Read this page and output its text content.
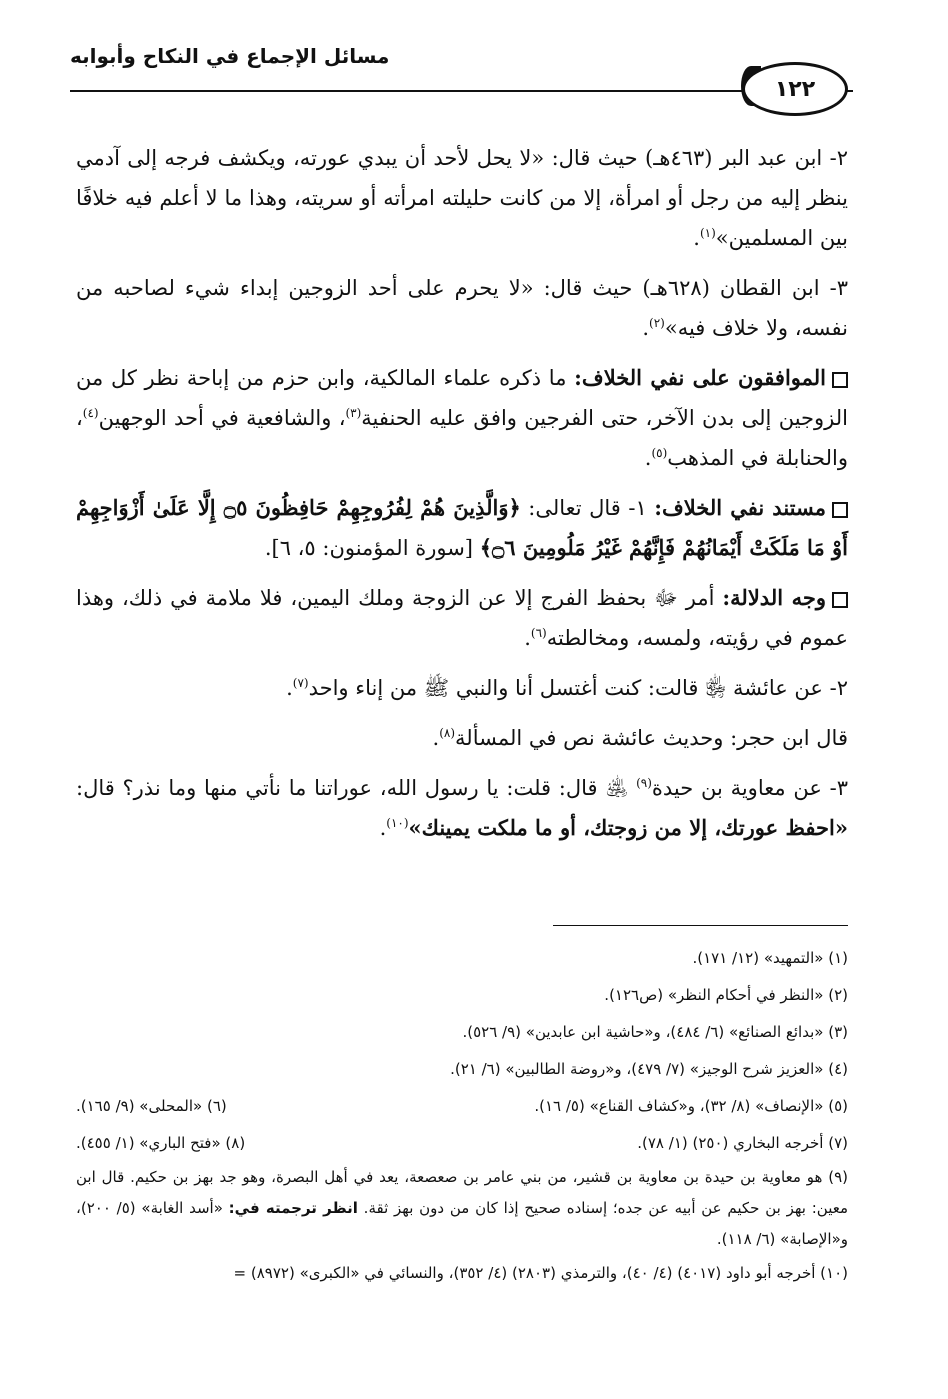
مسائل الإجماع في النكاح وأبوابه
١٢٢

٢- ابن عبد البر (٤٦٣هـ) حيث قال: «لا يحل لأحد أن يبدي عورته، ويكشف فرجه إلى آدمي ينظر إليه من رجل أو امرأة، إلا من كانت حليلته امرأته أو سريته، وهذا ما لا أعلم فيه خلافًا بين المسلمين»$^{(١)}$.

٣- ابن القطان (٦٢٨هـ) حيث قال: «لا يحرم على أحد الزوجين إبداء شيء لصاحبه من نفسه، ولا خلاف فيه»$^{(٢)}$.

الموافقون على نفي الخلاف: ما ذكره علماء المالكية، وابن حزم من إباحة نظر كل من الزوجين إلى بدن الآخر، حتى الفرجين وافق عليه الحنفية$^{(٣)}$، والشافعية في أحد الوجهين$^{(٤)}$، والحنابلة في المذهب$^{(٥)}$.

مستند نفي الخلاف: ١- قال تعالى: ﴿وَالَّذِينَ هُمْ لِفُرُوجِهِمْ حَافِظُونَ ۝٥ إِلَّا عَلَىٰ أَزْوَاجِهِمْ أَوْ مَا مَلَكَتْ أَيْمَانُهُمْ فَإِنَّهُمْ غَيْرُ مَلُومِينَ ۝٦﴾ [سورة المؤمنون: ٥، ٦].

وجه الدلالة: أمر ﷻ بحفظ الفرج إلا عن الزوجة وملك اليمين، فلا ملامة في ذلك، وهذا عموم في رؤيته، ولمسه، ومخالطته$^{(٦)}$.

٢- عن عائشة ﵂ قالت: كنت أغتسل أنا والنبي ﷺ من إناء واحد$^{(٧)}$.

قال ابن حجر: وحديث عائشة نص في المسألة$^{(٨)}$.

٣- عن معاوية بن حيدة$^{(٩)}$ ﵁ قال: قلت: يا رسول الله، عوراتنا ما نأتي منها وما نذر؟ قال: «احفظ عورتك، إلا من زوجتك، أو ما ملكت يمينك»$^{(١٠)}$.

(١) «التمهيد» (١٢/ ١٧١).

(٢) «النظر في أحكام النظر» (ص١٢٦).

(٣) «بدائع الصنائع» (٦/ ٤٨٤)، و«حاشية ابن عابدين» (٩/ ٥٢٦).

(٤) «العزيز شرح الوجيز» (٧/ ٤٧٩)، و«روضة الطالبين» (٦/ ٢١).

(٥) «الإنصاف» (٨/ ٣٢)، و«كشاف القناع» (٥/ ١٦).

(٦) «المحلى» (٩/ ١٦٥).

(٧) أخرجه البخاري (٢٥٠) (١/ ٧٨).

(٨) «فتح الباري» (١/ ٤٥٥).

(٩) هو معاوية بن حيدة بن معاوية بن قشير، من بني عامر بن صعصعة، يعد في أهل البصرة، وهو جد بهز بن حكيم. قال ابن معين: بهز بن حكيم عن أبيه عن جده؛ إسناده صحيح إذا كان من دون بهز ثقة. انظر ترجمته في: «أسد الغابة» (٥/ ٢٠٠)، و«الإصابة» (٦/ ١١٨).

(١٠) أخرجه أبو داود (٤٠١٧) (٤/ ٤٠)، والترمذي (٢٨٠٣) (٤/ ٣٥٢)، والنسائي في «الكبرى» (٨٩٧٢) =
